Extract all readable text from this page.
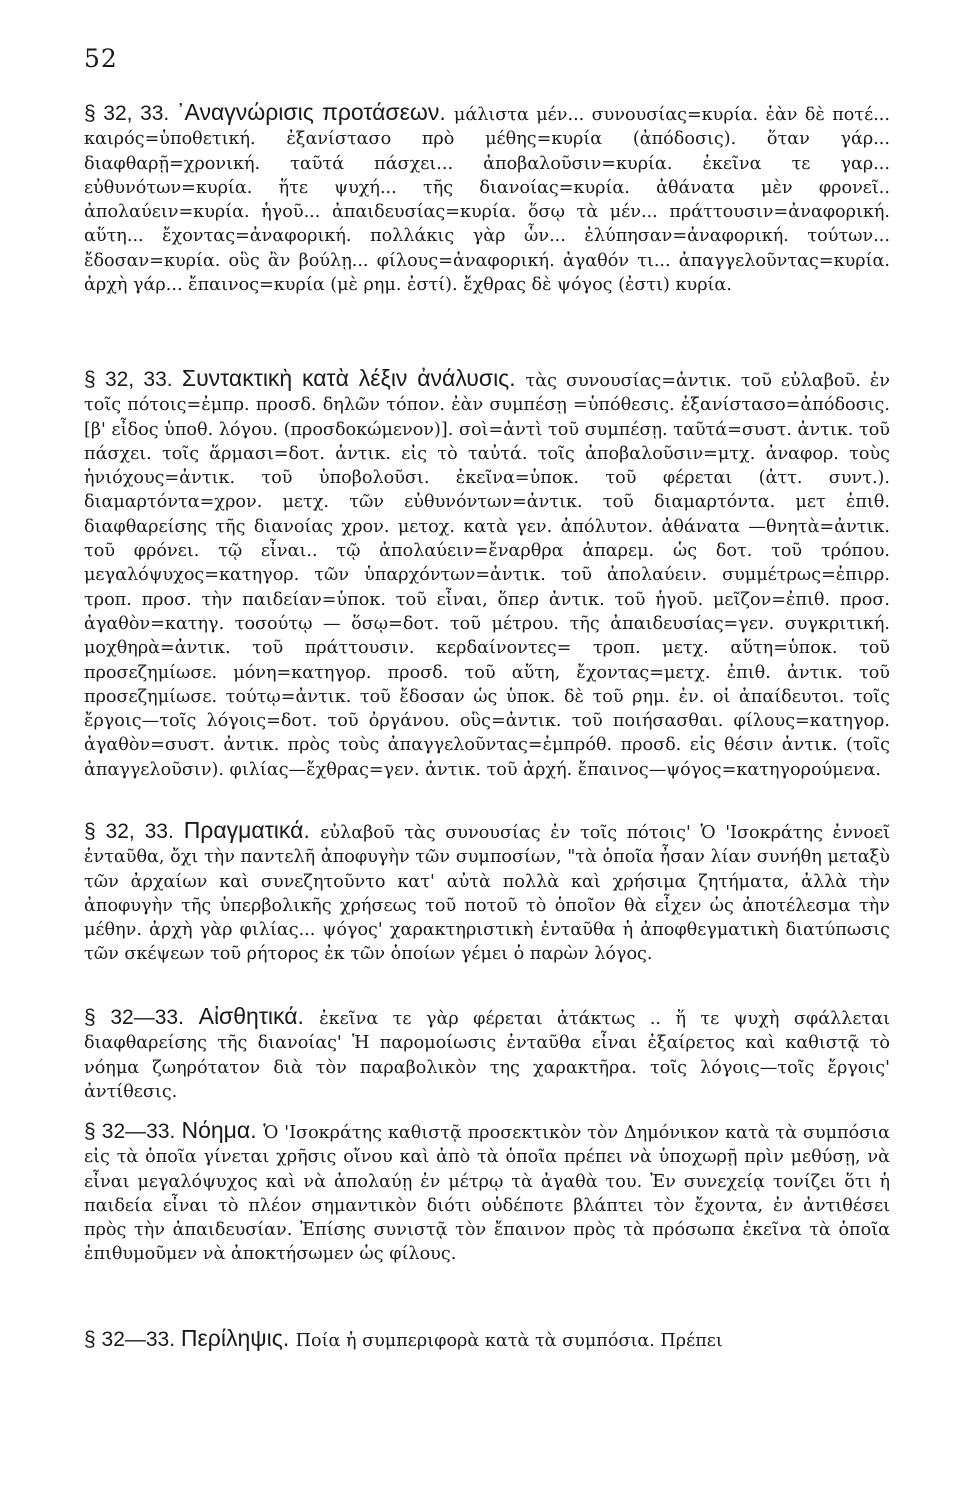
52
§ 32, 33. ᾿Αναγνώρισις προτάσεων. μάλιστα μέν... συνουσίας=κυρία. ἐὰν δὲ ποτέ... καιρός=ὑποθετική. ἐξανίστασο πρὸ μέθης=κυρία (ἀπόδοσις). ὅταν γάρ... διαφθαρῇ=χρονική. ταῦτά πάσχει... ἀποβαλοῦσιν=κυρία. ἐκεῖνα τε γαρ... εὐθυνότων=κυρία. ἥτε ψυχή... τῆς διανοίας=κυρία. ἀθάνατα μὲν φρονεῖ.. ἀπολαύειν=κυρία. ἡγοῦ... ἀπαιδευσίας=κυρία. ὅσῳ τὰ μέν... πράττουσιν=ἀναφορική. αὕτη... ἔχοντας=ἀναφορική. πολλάκις γὰρ ὧν... ἐλύπησαν=ἀναφορική. τούτων... ἔδοσαν=κυρία. οὓς ἂν βούλῃ... φίλους=ἀναφορική. ἀγαθόν τι... ἀπαγγελοῦντας=κυρία. ἀρχὴ γάρ... ἔπαινος=κυρία (μὲ ρημ. ἐστί). ἔχθρας δὲ ψόγος (ἐστι) κυρία.
§ 32, 33. Συντακτικὴ κατὰ λέξιν ἀνάλυσις. τὰς συνουσίας=ἀντικ. τοῦ εὐλαβοῦ. ἐν τοῖς πότοις=ἐμπρ. προσδ. δηλῶν τόπον. ἐὰν συμπέσῃ =ὑπόθεσις. ἐξανίστασο=ἀπόδοσις. [β' εἶδος ὑποθ. λόγου. (προσδοκώμενον)]. σοὶ=ἀντὶ τοῦ συμπέσῃ. ταῦτά=συστ. ἀντικ. τοῦ πάσχει. τοῖς ἅρμασι=δοτ. ἀντικ. εἰς τὸ ταὐτά. τοῖς ἀποβαλοῦσιν=μτχ. ἀναφορ. τοὺς ἡνιόχους=ἀντικ. τοῦ ὑποβολοῦσι. ἐκεῖνα=ὑποκ. τοῦ φέρεται (ἀττ. συντ.). διαμαρτόντα=χρον. μετχ. τῶν εὐθυνόντων=ἀντικ. τοῦ διαμαρτόντα. μετ ἐπιθ. διαφθαρείσης τῆς διανοίας χρον. μετοχ. κατὰ γεν. ἀπόλυτον. ἀθάνατα —θνητὰ=ἀντικ. τοῦ φρόνει. τῷ εἶναι.. τῷ ἀπολαύειν=ἔναρθρα ἀπαρεμ. ὡς δοτ. τοῦ τρόπου. μεγαλόψυχος=κατηγορ. τῶν ὑπαρχόντων=ἀντικ. τοῦ ἀπολαύειν. συμμέτρως=ἐπιρρ. τροπ. προσ. τὴν παιδείαν=ὑποκ. τοῦ εἶναι, ὅπερ ἀντικ. τοῦ ἡγοῦ. μεῖζον=ἐπιθ. προσ. ἀγαθὸν=κατηγ. τοσούτῳ — ὅσῳ=δοτ. τοῦ μέτρου. τῆς ἀπαιδευσίας=γεν. συγκριτική. μοχθηρὰ=ἀντικ. τοῦ πράττουσιν. κερδαίνοντες= τροπ. μετχ. αὕτη=ὑποκ. τοῦ προσεζημίωσε. μόνη=κατηγορ. προσδ. τοῦ αὕτη, ἔχοντας=μετχ. ἐπιθ. ἀντικ. τοῦ προσεζημίωσε. τούτῳ=ἀντικ. τοῦ ἔδοσαν ὡς ὑποκ. δὲ τοῦ ρημ. ἐν. οἱ ἀπαίδευτοι. τοῖς ἔργοις—τοῖς λόγοις=δοτ. τοῦ ὀργάνου. οὓς=ἀντικ. τοῦ ποιήσασθαι. φίλους=κατηγορ. ἀγαθὸν=συστ. ἀντικ. πρὸς τοὺς ἀπαγγελοῦντας=ἐμπρόθ. προσδ. εἰς θέσιν ἀντικ. (τοῖς ἀπαγγελοῦσιν). φιλίας—ἔχθρας=γεν. ἀντικ. τοῦ ἀρχή. ἔπαινος—ψόγος=κατηγορούμενα.
§ 32, 33. Πραγματικά. εὐλαβοῦ τὰς συνουσίας ἐν τοῖς πότοις' Ὁ 'Ισοκράτης ἐννοεῖ ἐνταῦθα, ὄχι τὴν παντελῆ ἀποφυγὴν τῶν συμποσίων, "τὰ ὁποῖα ἦσαν λίαν συνήθη μεταξὺ τῶν ἀρχαίων καὶ συνεζητοῦντο κατ' αὐτὰ πολλὰ καὶ χρήσιμα ζητήματα, ἀλλὰ τὴν ἀποφυγὴν τῆς ὑπερβολικῆς χρήσεως τοῦ ποτοῦ τὸ ὁποῖον θὰ εἶχεν ὡς ἀποτέλεσμα τὴν μέθην. ἀρχὴ γὰρ φιλίας... ψόγος' χαρακτηριστικὴ ἐνταῦθα ἡ ἀποφθεγματικὴ διατύπωσις τῶν σκέψεων τοῦ ρήτορος ἐκ τῶν ὁποίων γέμει ὁ παρὼν λόγος.
§ 32—33. Αἰσθητικά. ἐκεῖνα τε γὰρ φέρεται ἀτάκτως .. ἥ τε ψυχὴ σφάλλεται διαφθαρείσης τῆς διανοίας' Ἡ παρομοίωσις ἐνταῦθα εἶναι ἐξαίρετος καὶ καθιστᾷ τὸ νόημα ζωηρότατον διὰ τὸν παραβολικὸν της χαρακτῆρα. τοῖς λόγοις—τοῖς ἔργοις' ἀντίθεσις.
§ 32—33. Νόημα. Ὁ 'Ισοκράτης καθιστᾷ προσεκτικὸν τὸν Δημόνικον κατὰ τὰ συμπόσια εἰς τὰ ὁποῖα γίνεται χρῆσις οἴνου καὶ ἀπὸ τὰ ὁποῖα πρέπει νὰ ὑποχωρῇ πρὶν μεθύσῃ, νὰ εἶναι μεγαλόψυχος καὶ νὰ ἀπολαύῃ ἐν μέτρῳ τὰ ἀγαθὰ του. Ἐν συνεχείᾳ τονίζει ὅτι ἡ παιδεία εἶναι τὸ πλέον σημαντικὸν διότι οὐδέποτε βλάπτει τὸν ἔχοντα, ἐν ἀντιθέσει πρὸς τὴν ἀπαιδευσίαν. Ἐπίσης συνιστᾷ τὸν ἔπαινον πρὸς τὰ πρόσωπα ἐκεῖνα τὰ ὁποῖα ἐπιθυμοῦμεν νὰ ἀποκτήσωμεν ὡς φίλους.
§ 32—33. Περίληψις. Ποία ἡ συμπεριφορὰ κατὰ τὰ συμπόσια. Πρέπει
